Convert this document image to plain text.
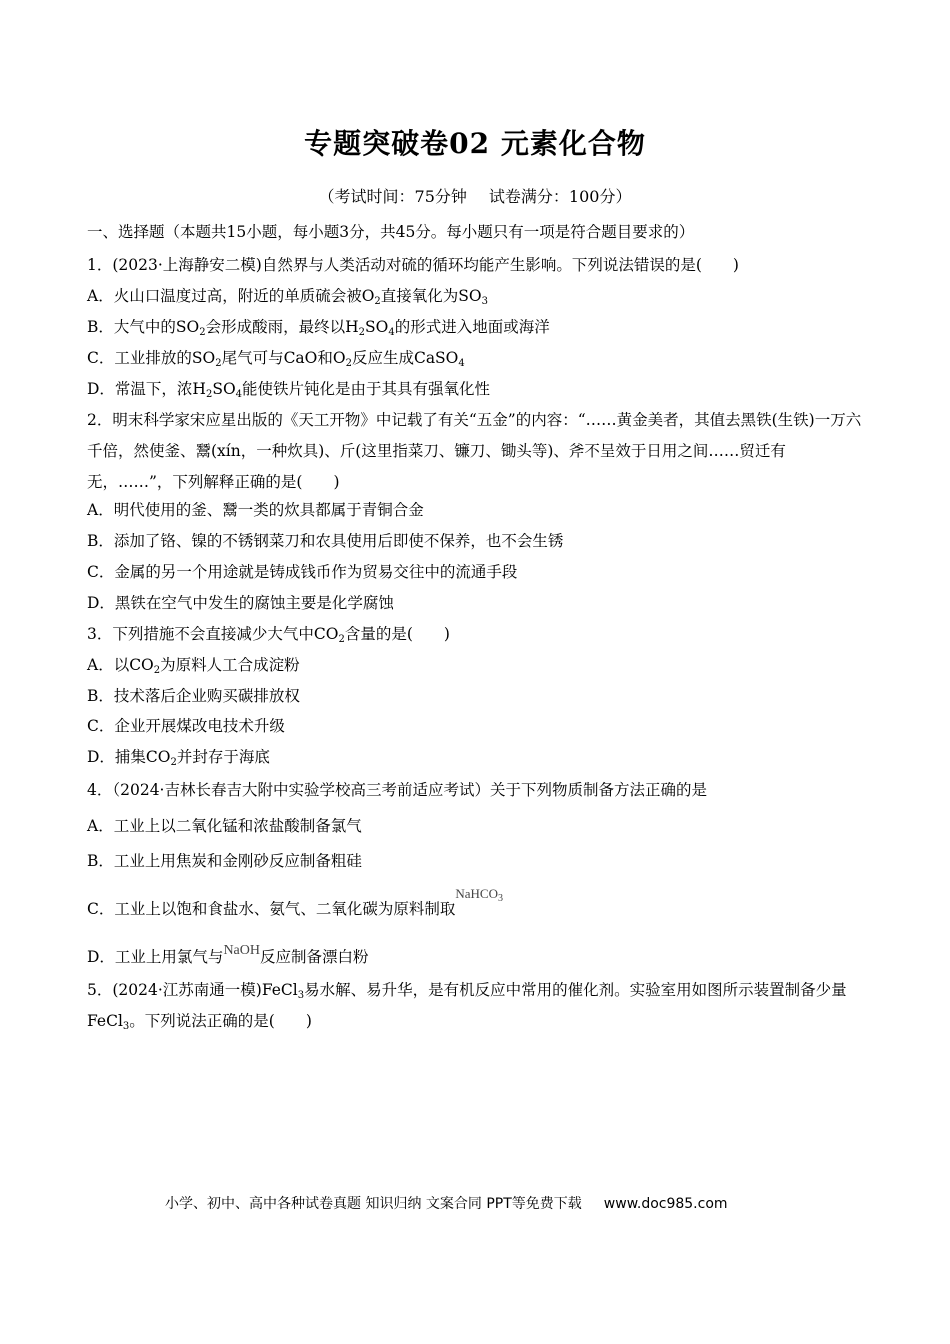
专题突破卷02 元素化合物
（考试时间：75分钟 试卷满分：100分）
一、选择题（本题共15小题，每小题3分，共45分。每小题只有一项是符合题目要求的）
1．(2023·上海静安二模)自然界与人类活动对硫的循环均能产生影响。下列说法错误的是(　　)
A．火山口温度过高，附近的单质硫会被$O_2$直接氧化为$SO_3$
B．大气中的$SO_2$会形成酸雨，最终以$H_2SO_4$的形式进入地面或海洋
C．工业排放的$SO_2$尾气可与CaO和$O_2$反应生成CaSO$_4$
D．常温下，浓$H_2SO_4$能使铁片钝化是由于其具有强氧化性
2．明末科学家宋应星出版的《天工开物》中记载了有关“五金”的内容：“……黄金美者，其值去黑铁(生铁)一万六千倍，然使釜、鬵(xín，一种炊具)、斤(这里指菜刀、镰刀、锄头等)、斧不呈效于日用之间……贸迁有无，……”，下列解释正确的是(　　)
A．明代使用的釜、鬵一类的炊具都属于青铜合金
B．添加了铬、镍的不锈钢菜刀和农具使用后即使不保养，也不会生锈
C．金属的另一个用途就是铸成钱币作为贸易交往中的流通手段
D．黑铁在空气中发生的腐蚀主要是化学腐蚀
3．下列措施不会直接减少大气中$CO_2$含量的是(　　)
A．以$CO_2$为原料人工合成淀粉
B．技术落后企业购买碳排放权
C．企业开展煤改电技术升级
D．捕集$CO_2$并封存于海底
4．（2024·吉林长春吉大附中实验学校高三考前适应考试）关于下列物质制备方法正确的是
A．工业上以二氧化锰和浓盐酸制备氯气
B．工业上用焦炭和金刚砂反应制备粗硅
C．工业上以饱和食盐水、氨气、二氧化碳为原料制取NaHCO$_3$
D．工业上用氯气与NaOH反应制备漂白粉
5．(2024·江苏南通一模)FeCl$_3$易水解、易升华，是有机反应中常用的催化剂。实验室用如图所示装置制备少量FeCl$_3$。下列说法正确的是(　　)
小学、初中、高中各种试卷真题 知识归纳 文案合同 PPT等免费下载 www.doc985.com
